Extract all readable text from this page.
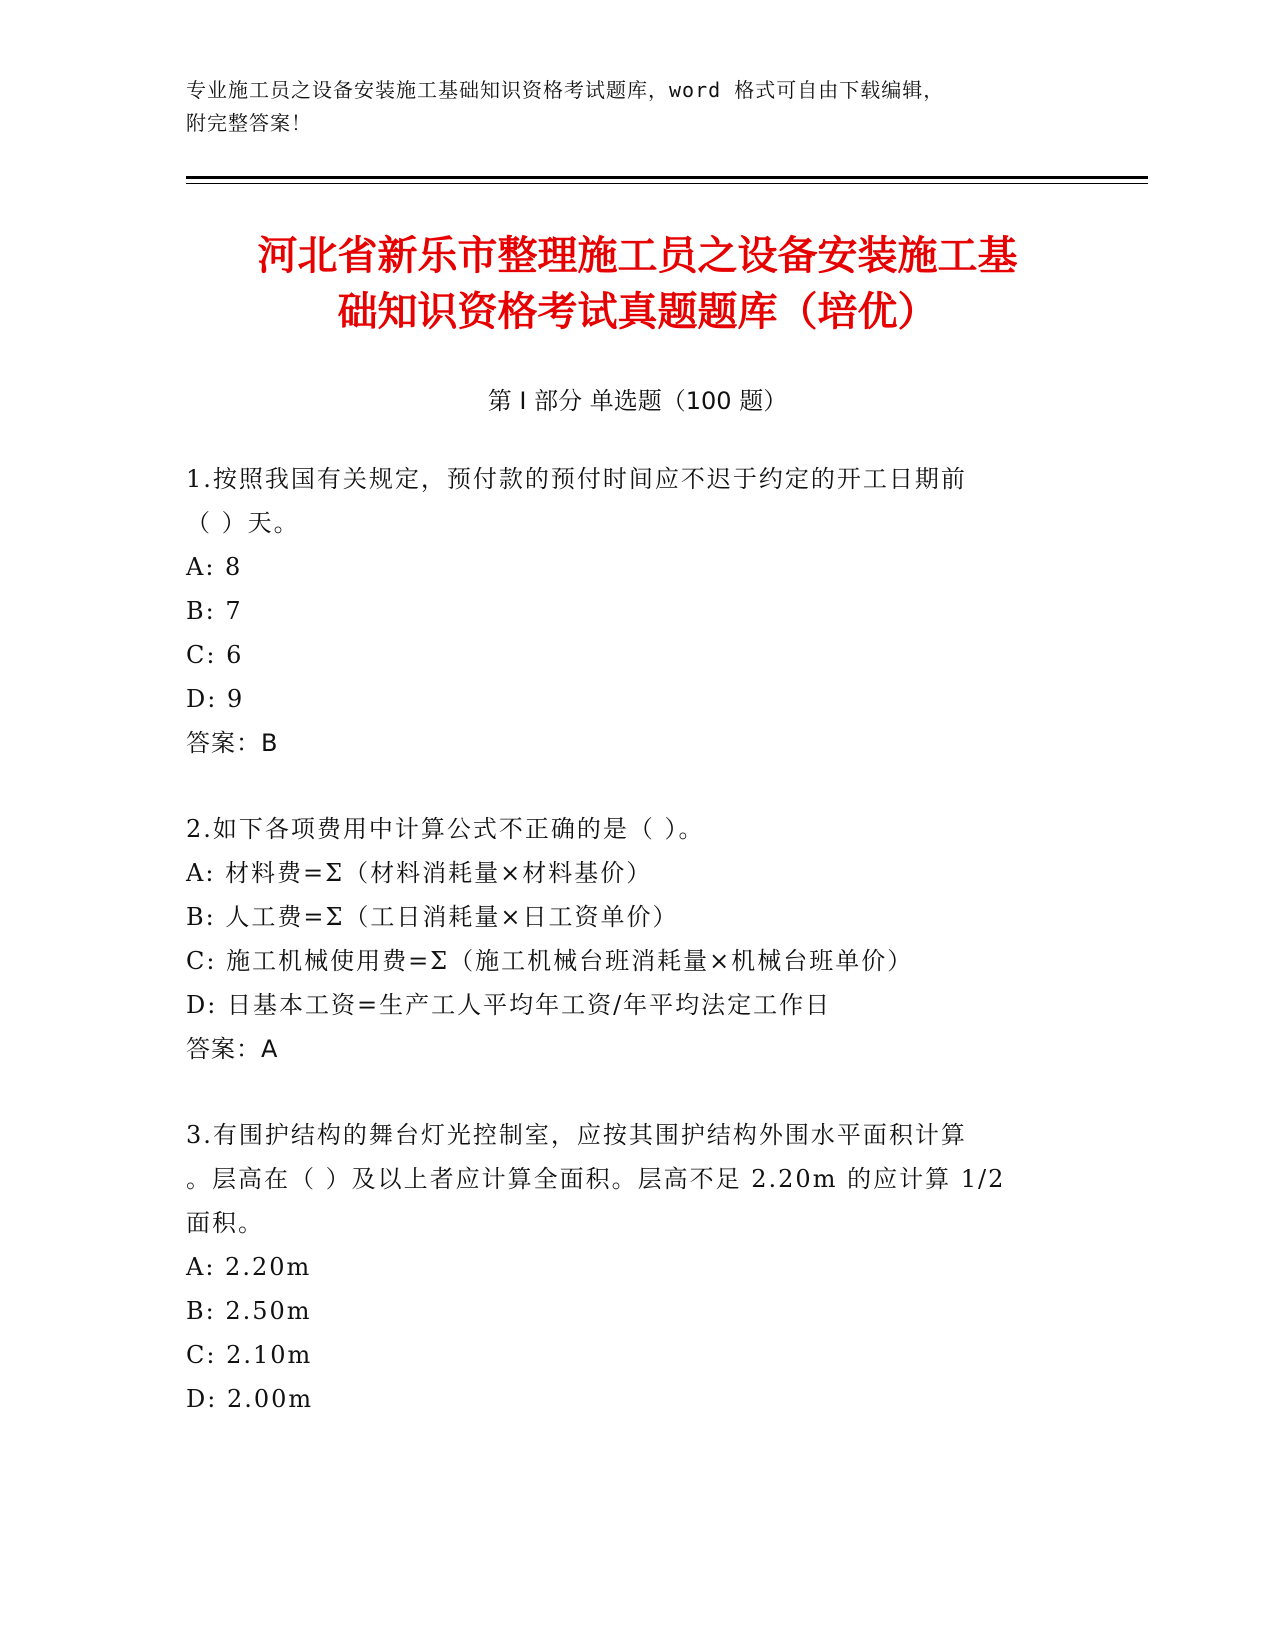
专业施工员之设备安装施工基础知识资格考试题库，word 格式可自由下载编辑，
附完整答案！
河北省新乐市整理施工员之设备安装施工基
础知识资格考试真题题库（培优）
第 I 部分 单选题（100 题）
1.按照我国有关规定，预付款的预付时间应不迟于约定的开工日期前
（ ）天。
A: 8
B: 7
C: 6
D: 9
答案：B
2.如下各项费用中计算公式不正确的是（ ）。
A: 材料费=Σ（材料消耗量×材料基价）
B: 人工费=Σ（工日消耗量×日工资单价）
C: 施工机械使用费=Σ（施工机械台班消耗量×机械台班单价）
D: 日基本工资=生产工人平均年工资/年平均法定工作日
答案：A
3.有围护结构的舞台灯光控制室，应按其围护结构外围水平面积计算
。层高在（ ）及以上者应计算全面积。层高不足 2.20m 的应计算 1/2
面积。
A: 2.20m
B: 2.50m
C: 2.10m
D: 2.00m
